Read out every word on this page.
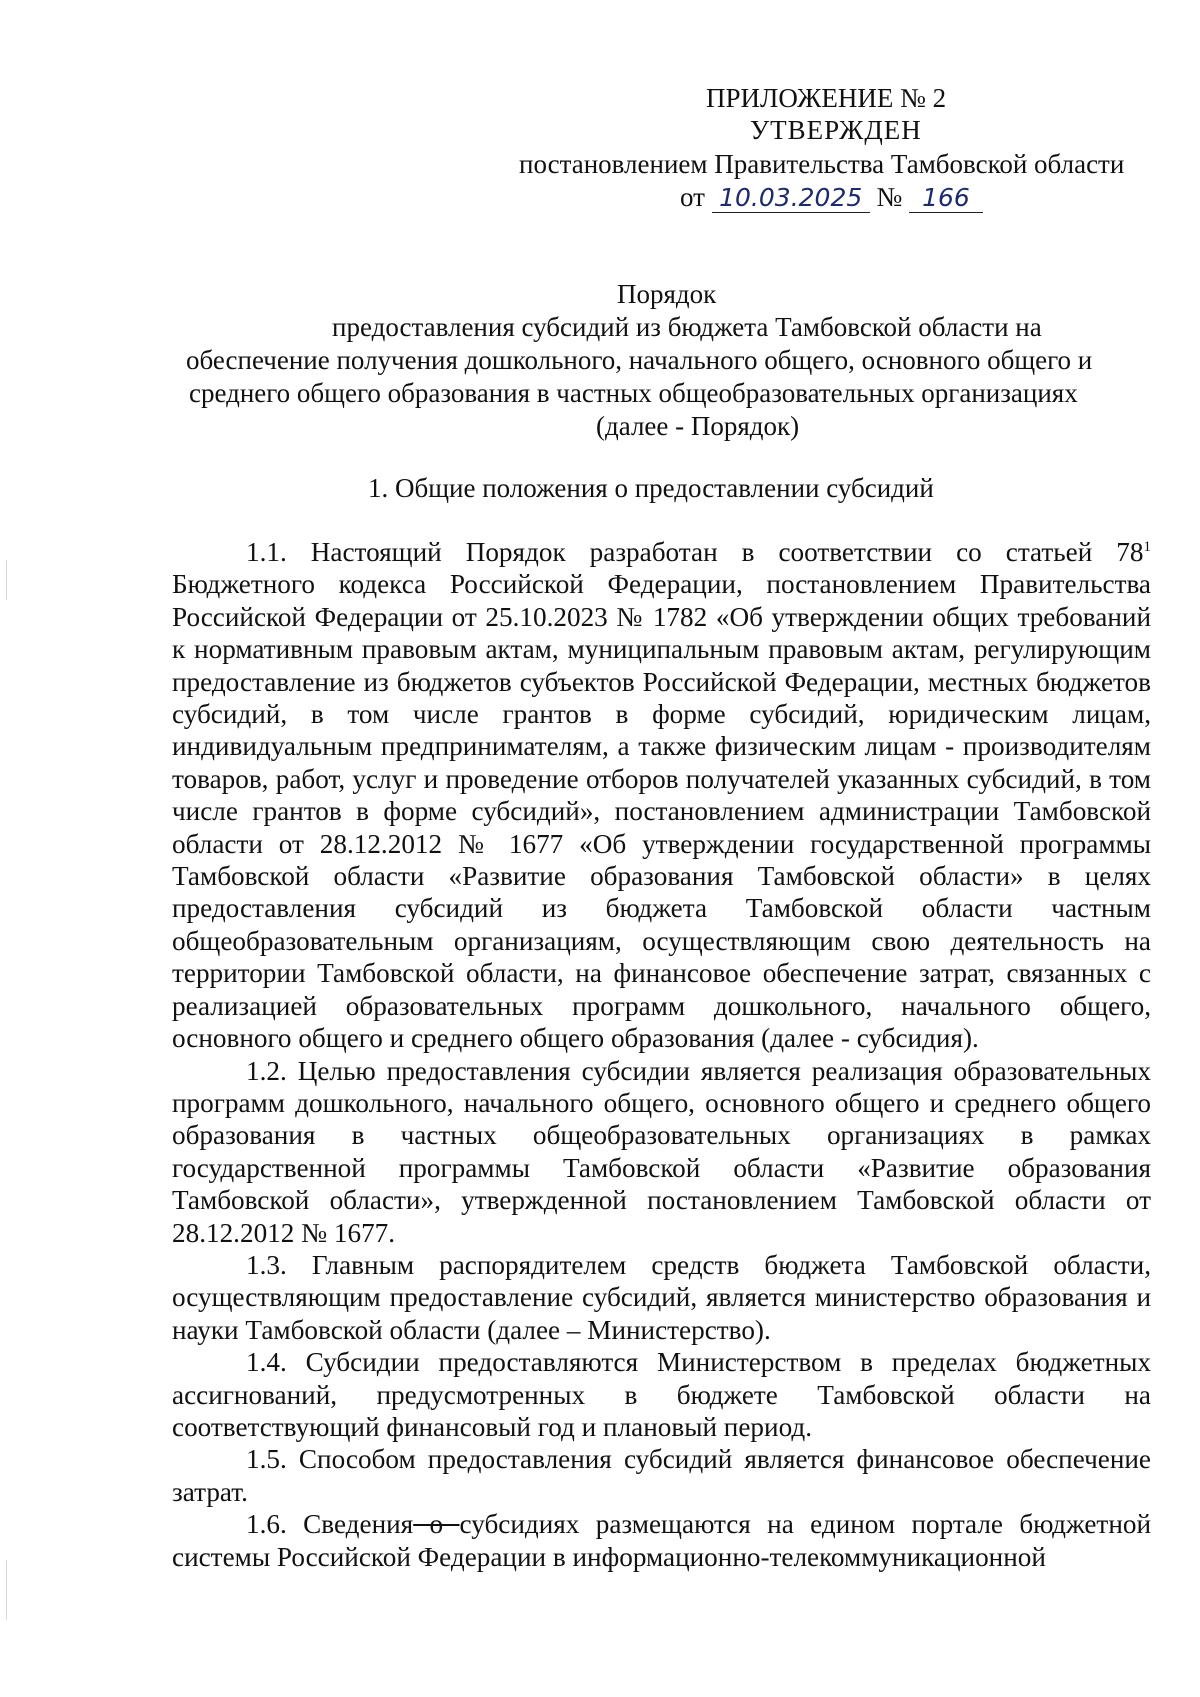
ПРИЛОЖЕНИЕ № 2
УТВЕРЖДЕН
постановлением Правительства Тамбовской области
от 10.03.2025 № 166
Порядок
предоставления субсидий из бюджета Тамбовской области на
обеспечение получения дошкольного, начального общего, основного общего и
среднего общего образования в частных общеобразовательных организациях
(далее - Порядок)
1. Общие положения о предоставлении субсидий

1.1. Настоящий Порядок разработан в соответствии со статьей $78^1$ Бюджетного кодекса Российской Федерации, постановлением Правительства Российской Федерации от 25.10.2023 № 1782 «Об утверждении общих требований к нормативным правовым актам, муниципальным правовым актам, регулирующим предоставление из бюджетов субъектов Российской Федерации, местных бюджетов субсидий, в том числе грантов в форме субсидий, юридическим лицам, индивидуальным предпринимателям, а также физическим лицам - производителям товаров, работ, услуг и проведение отборов получателей указанных субсидий, в том числе грантов в форме субсидий», постановлением администрации Тамбовской области от 28.12.2012 № 1677 «Об утверждении государственной программы Тамбовской области «Развитие образования Тамбовской области» в целях предоставления субсидий из бюджета Тамбовской области частным общеобразовательным организациям, осуществляющим свою деятельность на территории Тамбовской области, на финансовое обеспечение затрат, связанных с реализацией образовательных программ дошкольного, начального общего, основного общего и среднего общего образования (далее - субсидия).

1.2. Целью предоставления субсидии является реализация образовательных программ дошкольного, начального общего, основного общего и среднего общего образования в частных общеобразовательных организациях в рамках государственной программы Тамбовской области «Развитие образования Тамбовской области», утвержденной постановлением Тамбовской области от 28.12.2012 № 1677.

1.3. Главным распорядителем средств бюджета Тамбовской области, осуществляющим предоставление субсидий, является министерство образования и науки Тамбовской области (далее – Министерство).

1.4. Субсидии предоставляются Министерством в пределах бюджетных ассигнований, предусмотренных в бюджете Тамбовской области на соответствующий финансовый год и плановый период.

1.5. Способом предоставления субсидий является финансовое обеспечение затрат.

1.6. Сведения о субсидиях размещаются на едином портале бюджетной системы Российской Федерации в информационно-телекоммуникационной
